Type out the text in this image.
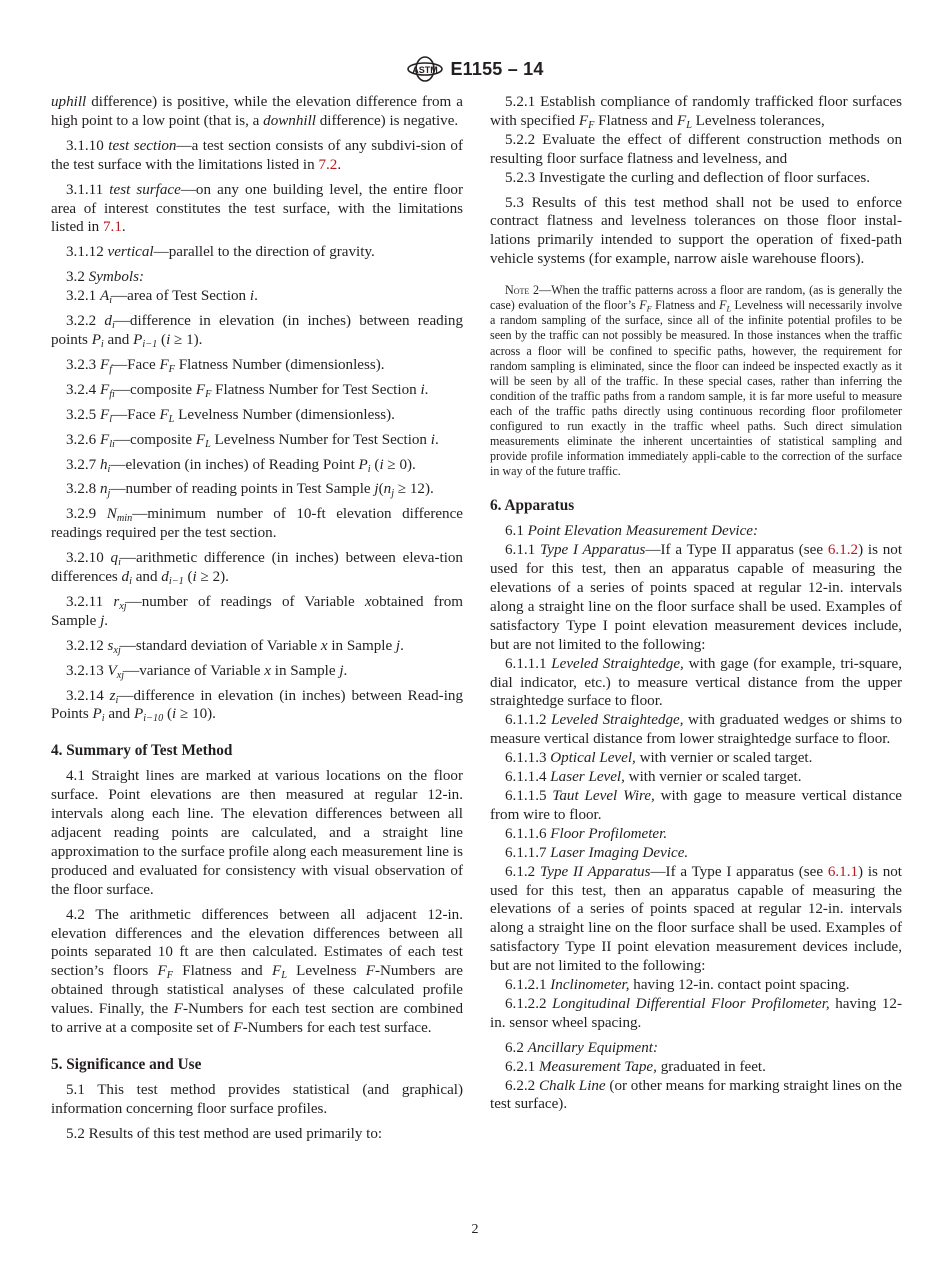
ASTM E1155 – 14

uphill difference) is positive, while the elevation difference from a high point to a low point (that is, a downhill difference) is negative.

3.1.10 test section—a test section consists of any subdivi-sion of the test surface with the limitations listed in 7.2.

3.1.11 test surface—on any one building level, the entire floor area of interest constitutes the test surface, with the limitations listed in 7.1.

3.1.12 vertical—parallel to the direction of gravity.

3.2 Symbols:

3.2.1 $A_i—area$ of Test Section i.

3.2.2 $d_i—difference$ in elevation (in inches) between reading points $P_i$ and $P_{i-1}$ (i ≥ 1).

3.2.3 $F_f—Face$ $F_F$ Flatness Number (dimensionless).

3.2.4 $F_{fi}—composite$ $F_F$ Flatness Number for Test Section i.

3.2.5 $F_l—Face$ $F_L$ Levelness Number (dimensionless).

3.2.6 $F_{li}—composite$ $F_L$ Levelness Number for Test Section i.

3.2.7 $h_i—elevation$ (in inches) of Reading Point $P_i$ (i ≥ 0).

3.2.8 $n_j—number$ of reading points in Test Sample $j(n_j \ge 12)$.

3.2.9 $N_{min}—minimum$ number of 10-ft elevation difference readings required per the test section.

3.2.10 $q_i—arithmetic$ difference (in inches) between eleva-tion differences $d_i$ and $d_{i-1}$ (i ≥ 2).

3.2.11 $r_{xj}—number$ of readings of Variable xobtained from Sample j.

3.2.12 $s_{xj}—standard$ deviation of Variable x in Sample j.

3.2.13 $V_{xj}—variance$ of Variable x in Sample j.

3.2.14 $z_i—difference$ in elevation (in inches) between Read-ing Points $P_i$ and $P_{i-10}$ (i ≥ 10).

4. Summary of Test Method

4.1 Straight lines are marked at various locations on the floor surface. Point elevations are then measured at regular 12-in. intervals along each line. The elevation differences between all adjacent reading points are calculated, and a straight line approximation to the surface profile along each measurement line is produced and evaluated for consistency with visual observation of the floor surface.

4.2 The arithmetic differences between all adjacent 12-in. elevation differences and the elevation differences between all points separated 10 ft are then calculated. Estimates of each test section’s floors $F_F$ Flatness and $F_L$ Levelness F-Numbers are obtained through statistical analyses of these calculated profile values. Finally, the F-Numbers for each test section are combined to arrive at a composite set of F-Numbers for each test surface.

5. Significance and Use

5.1 This test method provides statistical (and graphical) information concerning floor surface profiles.

5.2 Results of this test method are used primarily to:

5.2.1 Establish compliance of randomly trafficked floor surfaces with specified $F_F$ Flatness and $F_L$ Levelness tolerances,

5.2.2 Evaluate the effect of different construction methods on resulting floor surface flatness and levelness, and

5.2.3 Investigate the curling and deflection of floor surfaces.

5.3 Results of this test method shall not be used to enforce contract flatness and levelness tolerances on those floor instal-lations primarily intended to support the operation of fixed-path vehicle systems (for example, narrow aisle warehouse floors).

Note 2—When the traffic patterns across a floor are random, (as is generally the case) evaluation of the floor’s $F_F$ Flatness and $F_L$ Levelness will necessarily involve a random sampling of the surface, since all of the infinite potential profiles to be seen by the traffic can not possibly be measured. In those instances when the traffic across a floor will be confined to specific paths, however, the requirement for random sampling is eliminated, since the floor can indeed be inspected exactly as it will be seen by all of the traffic. In these special cases, rather than inferring the condition of the traffic paths from a random sample, it is far more useful to measure each of the traffic paths directly using continuous recording floor profilometer configured to run exactly in the traffic wheel paths. Such direct simulation measurements eliminate the inherent uncertainties of statistical sampling and provide profile information immediately appli-cable to the correction of the surface in way of the future traffic.

6. Apparatus

6.1 Point Elevation Measurement Device:

6.1.1 Type I Apparatus—If a Type II apparatus (see 6.1.2) is not used for this test, then an apparatus capable of measuring the elevations of a series of points spaced at regular 12-in. intervals along a straight line on the floor surface shall be used. Examples of satisfactory Type I point elevation measurement devices include, but are not limited to the following:

6.1.1.1 Leveled Straightedge, with gage (for example, tri-square, dial indicator, etc.) to measure vertical distance from the upper straightedge surface to floor.

6.1.1.2 Leveled Straightedge, with graduated wedges or shims to measure vertical distance from lower straightedge surface to floor.

6.1.1.3 Optical Level, with vernier or scaled target.

6.1.1.4 Laser Level, with vernier or scaled target.

6.1.1.5 Taut Level Wire, with gage to measure vertical distance from wire to floor.

6.1.1.6 Floor Profilometer.

6.1.1.7 Laser Imaging Device.

6.1.2 Type II Apparatus—If a Type I apparatus (see 6.1.1) is not used for this test, then an apparatus capable of measuring the elevations of a series of points spaced at regular 12-in. intervals along a straight line on the floor surface shall be used. Examples of satisfactory Type II point elevation measurement devices include, but are not limited to the following:

6.1.2.1 Inclinometer, having 12-in. contact point spacing.

6.1.2.2 Longitudinal Differential Floor Profilometer, having 12-in. sensor wheel spacing.

6.2 Ancillary Equipment:

6.2.1 Measurement Tape, graduated in feet.

6.2.2 Chalk Line (or other means for marking straight lines on the test surface).

2
